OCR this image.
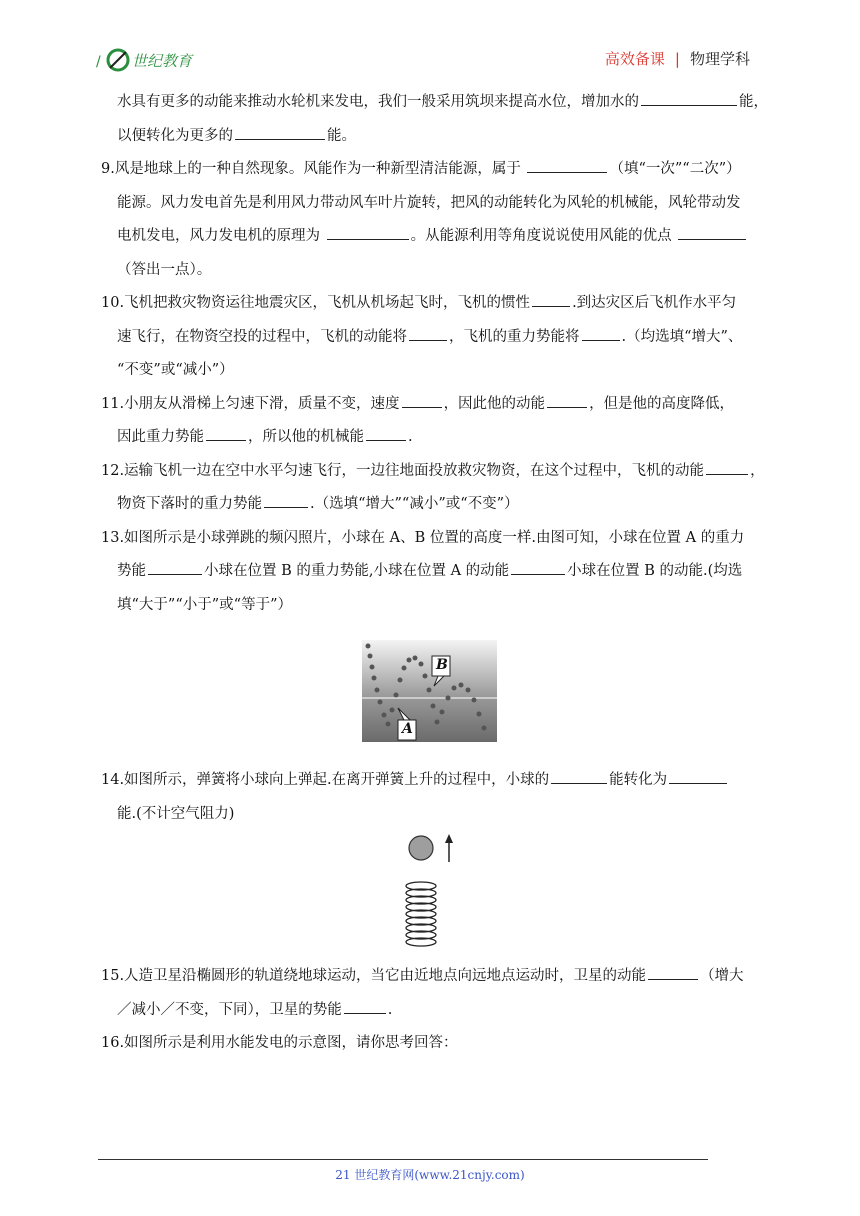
/ 世纪教育	高效备课 | 物理学科
水具有更多的动能来推动水轮机来发电，我们一般采用筑坝来提高水位，增加水的	能，
以便转化为更多的	能。
9.风是地球上的一种自然现象。风能作为一种新型清洁能源，属于	（填“一次”“二次”）
能源。风力发电首先是利用风力带动风车叶片旋转，把风的动能转化为风轮的机械能，风轮带动发
电机发电，风力发电机的原理为	。从能源利用等角度说说使用风能的优点
（答出一点）。
10.飞机把救灾物资运往地震灾区，飞机从机场起飞时，飞机的惯性	.到达灾区后飞机作水平匀
速飞行，在物资空投的过程中，飞机的动能将	，飞机的重力势能将	.（均选填“增大”、
“不变”或“减小”）
11.小朋友从滑梯上匀速下滑，质量不变，速度	，因此他的动能	，但是他的高度降低，
因此重力势能	，所以他的机械能	.
12.运输飞机一边在空中水平匀速飞行，一边往地面投放救灾物资，在这个过程中，飞机的动能	，
物资下落时的重力势能	.（选填“增大”“减小”或“不变”）
13.如图所示是小球弹跳的频闪照片，小球在 A、B 位置的高度一样.由图可知，小球在位置 A 的重力
势能	小球在位置 B 的重力势能,小球在位置 A 的动能	小球在位置 B 的动能.(均选
填“大于”“小于”或“等于”）
B
A
14.如图所示，弹簧将小球向上弹起.在离开弹簧上升的过程中，小球的	能转化为
能.(不计空气阻力)
15.人造卫星沿椭圆形的轨道绕地球运动，当它由近地点向远地点运动时，卫星的动能	（增大
／减小／不变，下同），卫星的势能	.
16.如图所示是利用水能发电的示意图，请你思考回答：
21 世纪教育网(www.21cnjy.com)
